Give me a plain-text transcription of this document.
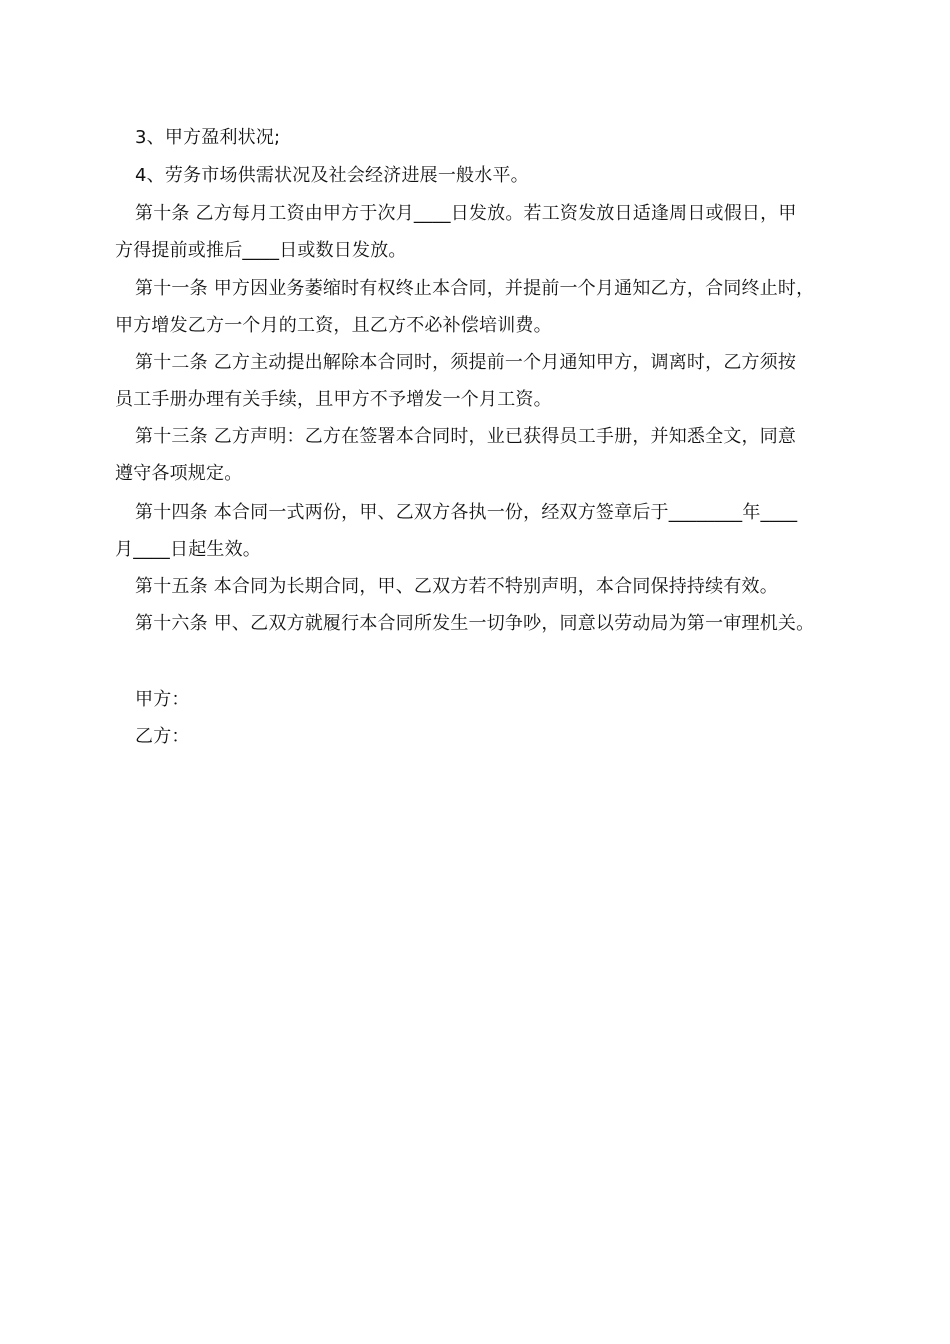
3、甲方盈利状况;
4、劳务市场供需状况及社会经济进展一般水平。
第十条 乙方每月工资由甲方于次月____日发放。若工资发放日适逢周日或假日，甲
方得提前或推后____日或数日发放。
第十一条 甲方因业务萎缩时有权终止本合同，并提前一个月通知乙方，合同终止时，
甲方增发乙方一个月的工资，且乙方不必补偿培训费。
第十二条 乙方主动提出解除本合同时，须提前一个月通知甲方，调离时，乙方须按
员工手册办理有关手续，且甲方不予增发一个月工资。
第十三条 乙方声明：乙方在签署本合同时，业已获得员工手册，并知悉全文，同意
遵守各项规定。
第十四条 本合同一式两份，甲、乙双方各执一份，经双方签章后于________年____
月____日起生效。
第十五条 本合同为长期合同，甲、乙双方若不特别声明，本合同保持持续有效。
第十六条 甲、乙双方就履行本合同所发生一切争吵，同意以劳动局为第一审理机关。
甲方：
乙方：
